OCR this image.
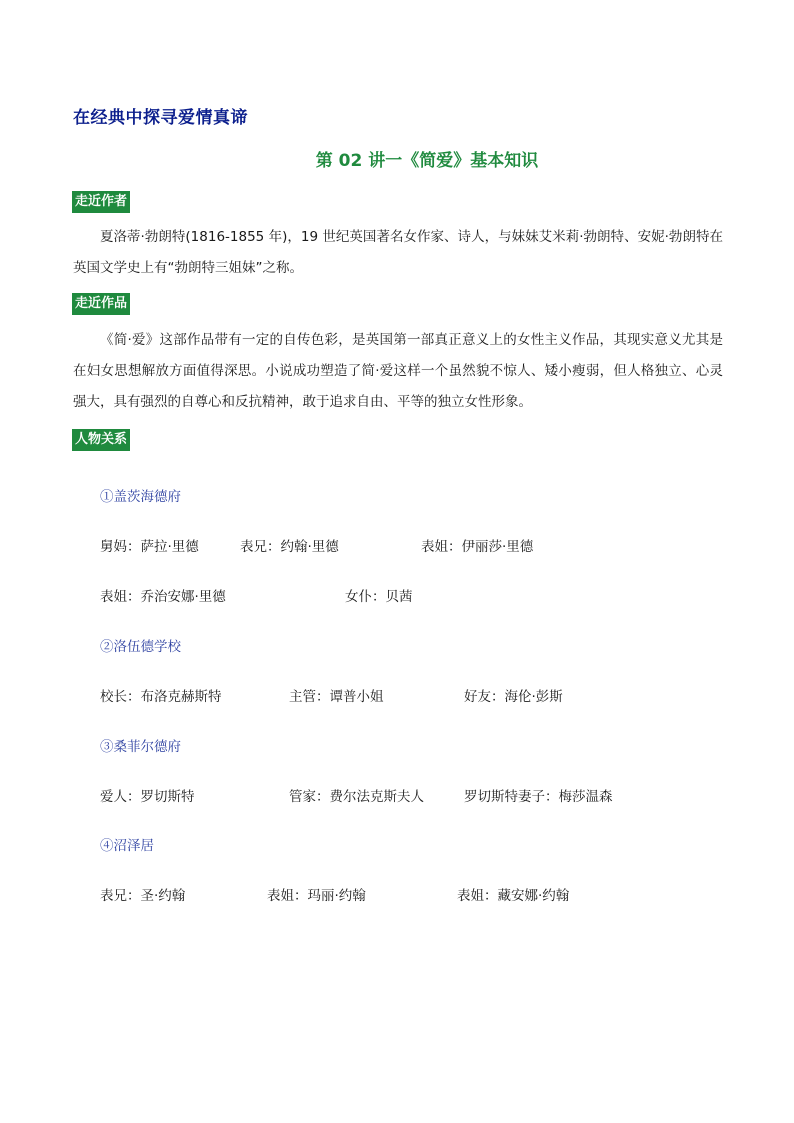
在经典中探寻爱情真谛
第 02 讲一《简爱》基本知识
走近作者
夏洛蒂·勃朗特(1816-1855 年)，19 世纪英国著名女作家、诗人，与妹妹艾米莉·勃朗特、安妮·勃朗特在英国文学史上有“勃朗特三姐妹”之称。
走近作品
《简·爱》这部作品带有一定的自传色彩，是英国第一部真正意义上的女性主义作品，其现实意义尤其是在妇女思想解放方面值得深思。小说成功塑造了简·爱这样一个虽然貌不惊人、矮小瘦弱，但人格独立、心灵强大，具有强烈的自尊心和反抗精神，敢于追求自由、平等的独立女性形象。
人物关系
①盖茨海德府
舅妈：萨拉·里德	表兄：约翰·里德	表姐：伊丽莎·里德
表姐：乔治安娜·里德	女仆：贝茜
②洛伍德学校
校长：布洛克赫斯特	主管：谭普小姐	好友：海伦·彭斯
③桑菲尔德府
爱人：罗切斯特	管家：费尔法克斯夫人	罗切斯特妻子：梅莎温森
④沼泽居
表兄：圣·约翰	表姐：玛丽·约翰	表姐：藏安娜·约翰
